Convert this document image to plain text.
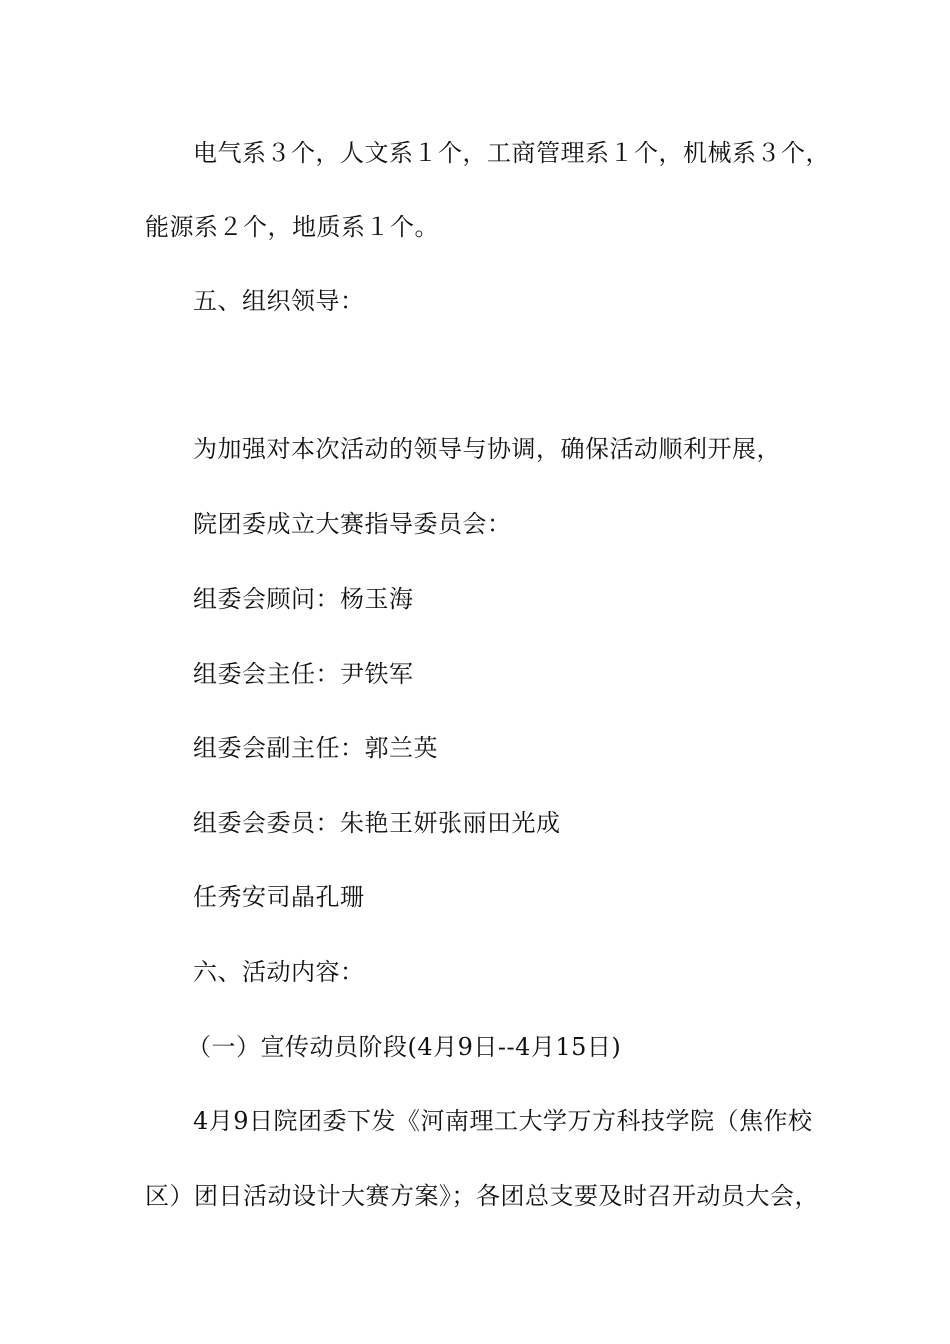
电气系３个，人文系１个，工商管理系１个，机械系３个，
能源系２个，地质系１个。
五、组织领导：
为加强对本次活动的领导与协调，确保活动顺利开展，
院团委成立大赛指导委员会：
组委会顾问：杨玉海
组委会主任：尹铁军
组委会副主任：郭兰英
组委会委员：朱艳王妍张丽田光成
任秀安司晶孔珊
六、活动内容：
（一）宣传动员阶段(4月9日--4月15日)
4月9日院团委下发《河南理工大学万方科技学院（焦作校
区）团日活动设计大赛方案》；各团总支要及时召开动员大会，
